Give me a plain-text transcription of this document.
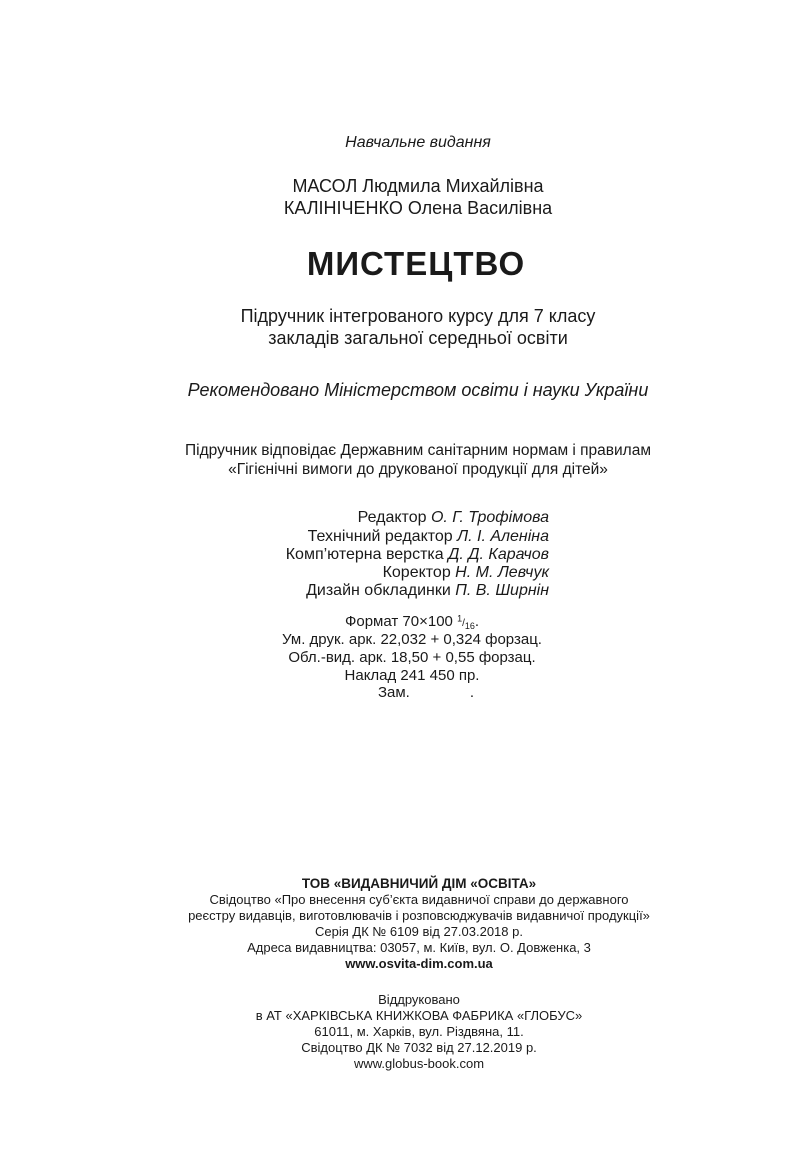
Навчальне видання
МАСОЛ Людмила Михайлівна
КАЛІНІЧЕНКО Олена Василівна
МИСТЕЦТВО
Підручник інтегрованого курсу для 7 класу
закладів загальної середньої освіти
Рекомендовано Міністерством освіти і науки України
Підручник відповідає Державним санітарним нормам і правилам
«Гігієнічні вимоги до друкованої продукції для дітей»
Редактор О. Г. Трофімова
Технічний редактор Л. І. Аленіна
Комп’ютерна верстка Д. Д. Карачов
Коректор Н. М. Левчук
Дизайн обкладинки П. В. Ширнін
Формат 70×100 $^1/_{16}$.
Ум. друк. арк. 22,032 + 0,324 форзац.
Обл.-вид. арк. 18,50 + 0,55 форзац.
Наклад 241 450 пр.
Зам.	.
ТОВ «ВИДАВНИЧИЙ ДІМ «ОСВІТА»
Свідоцтво «Про внесення суб’єкта видавничої справи до державного
реєстру видавців, виготовлювачів і розповсюджувачів видавничої продукції»
Серія ДК № 6109 від 27.03.2018 р.
Адреса видавництва: 03057, м. Київ, вул. О. Довженка, 3
www.osvita-dim.com.ua
Віддруковано
в АТ «ХАРКІВСЬКА КНИЖКОВА ФАБРИКА «ГЛОБУС»
61011, м. Харків, вул. Різдвяна, 11.
Свідоцтво ДК № 7032 від 27.12.2019 р.
www.globus-book.com
